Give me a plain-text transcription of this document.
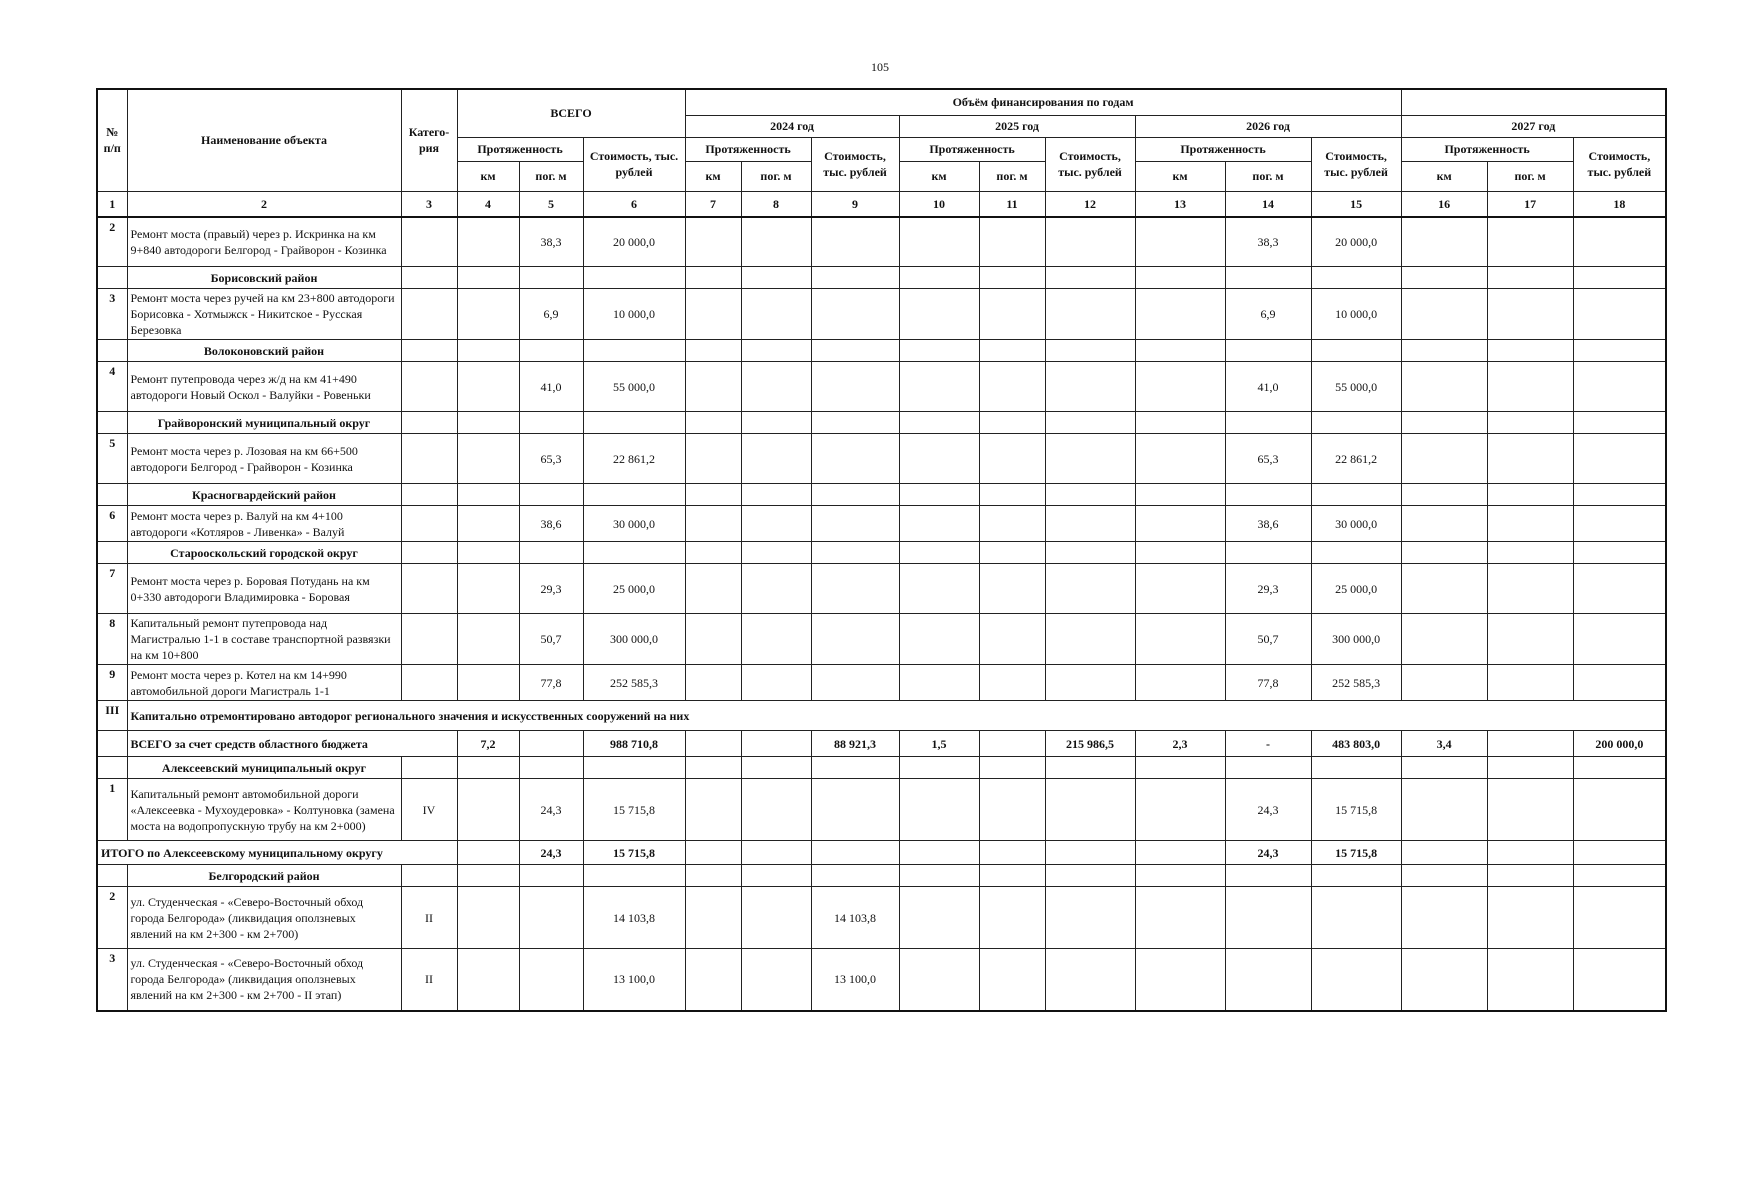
105
№ п/п	Наименование объекта	Катего-рия	ВСЕГО			Объём финансирования по годам											
						2024 год			2025 год			2026 год			2027 год		
			Протяженность		Стоимость, тыс. рублей	Протяженность		Стоимость, тыс. рублей	Протяженность		Стоимость, тыс. рублей	Протяженность		Стоимость, тыс. рублей	Протяженность		Стоимость, тыс. рублей
			км	пог. м		км	пог. м		км	пог. м		км	пог. м		км	пог. м	
1	2	3	4	5	6	7	8	9	10	11	12	13	14	15	16	17	18
2	Ремонт моста (правый) через р. Искринка на км 9+840 автодороги Белгород - Грайворон - Козинка			38,3	20 000,0								38,3	20 000,0			
	Борисовский район																
3	Ремонт моста через ручей на км 23+800 автодороги Борисовка - Хотмыжск - Никитское - Русская Березовка			6,9	10 000,0								6,9	10 000,0			
	Волоконовский район																
4	Ремонт путепровода через ж/д на км 41+490 автодороги Новый Оскол - Валуйки - Ровеньки			41,0	55 000,0								41,0	55 000,0			
	Грайворонский муниципальный округ																
5	Ремонт моста через р. Лозовая на км 66+500 автодороги Белгород - Грайворон - Козинка			65,3	22 861,2								65,3	22 861,2			
	Красногвардейский район																
6	Ремонт моста через р. Валуй на км 4+100 автодороги «Котляров - Ливенка» - Валуй			38,6	30 000,0								38,6	30 000,0			
	Старооскольский городской округ																
7	Ремонт моста через р. Боровая Потудань на км 0+330 автодороги Владимировка - Боровая			29,3	25 000,0								29,3	25 000,0			
8	Капитальный ремонт путепровода над Магистралью 1-1 в составе транспортной развязки на км 10+800			50,7	300 000,0								50,7	300 000,0			
9	Ремонт моста через р. Котел на км 14+990 автомобильной дороги Магистраль 1-1			77,8	252 585,3								77,8	252 585,3			
III	Капитально отремонтировано автодорог регионального значения и искусственных сооружений на них																
	ВСЕГО за счет средств областного бюджета		7,2		988 710,8			88 921,3	1,5		215 986,5	2,3	-	483 803,0	3,4		200 000,0
	Алексеевский муниципальный округ																
1	Капитальный ремонт автомобильной дороги «Алексеевка - Мухоудеровка» - Колтуновка (замена моста на водопропускную трубу на км 2+000)	IV		24,3	15 715,8								24,3	15 715,8			
ИТОГО по Алексеевскому муниципальному округу				24,3	15 715,8								24,3	15 715,8			
	Белгородский район																
2	ул. Студенческая - «Северо-Восточный обход города Белгорода» (ликвидация оползневых явлений на км 2+300 - км 2+700)	II			14 103,8			14 103,8									
3	ул. Студенческая - «Северо-Восточный обход города Белгорода» (ликвидация оползневых явлений на км 2+300 - км 2+700 - II этап)	II			13 100,0			13 100,0									
